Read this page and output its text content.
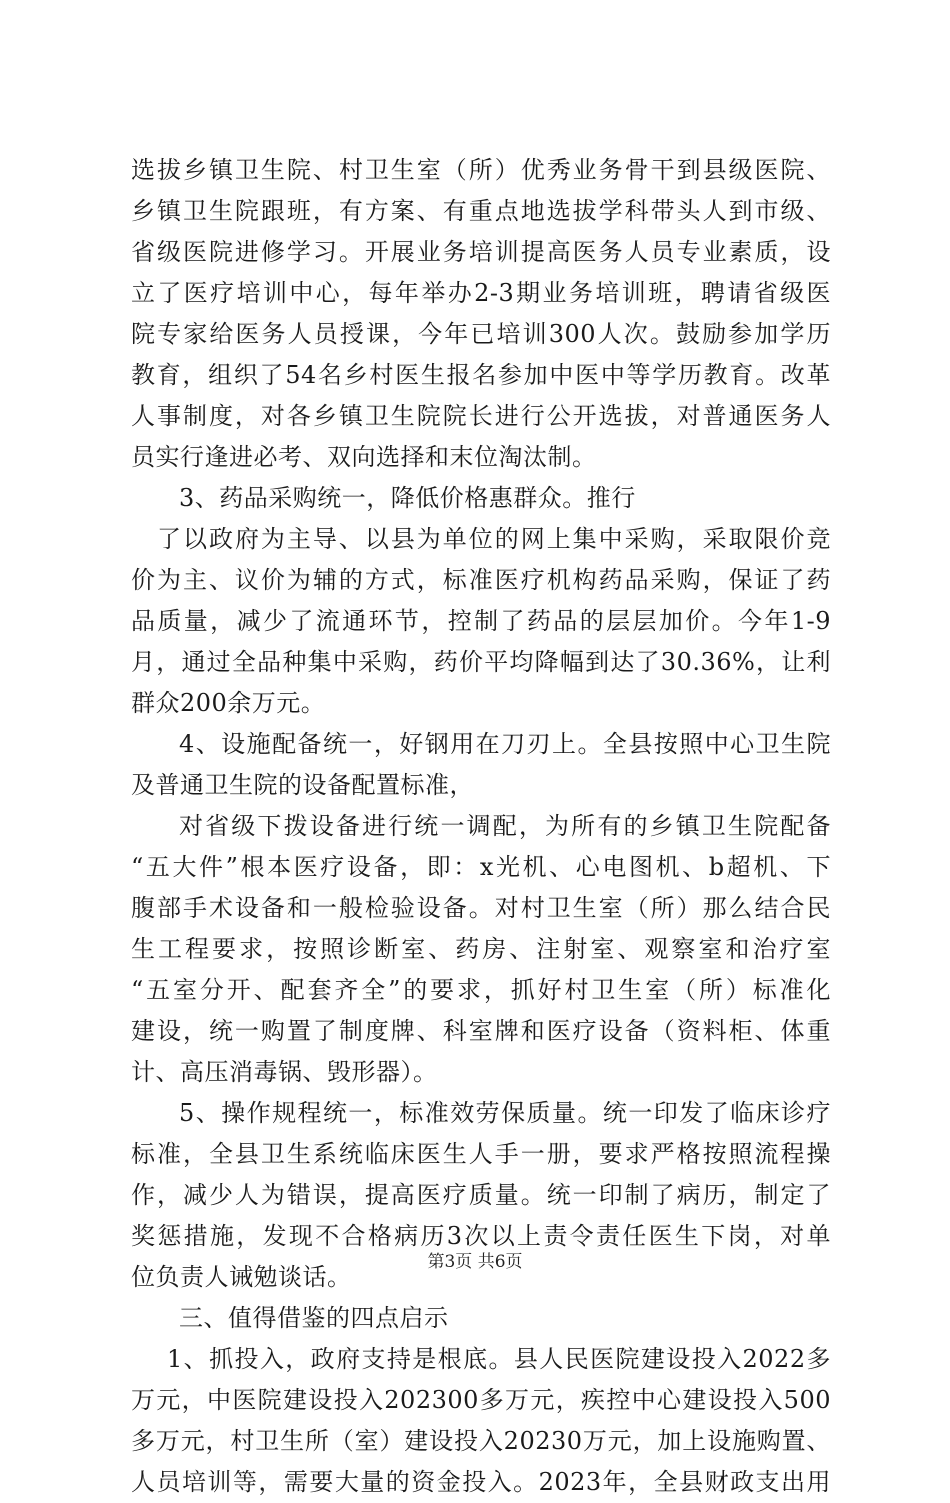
选拔乡镇卫生院、村卫生室（所）优秀业务骨干到县级医院、
乡镇卫生院跟班，有方案、有重点地选拔学科带头人到市级、
省级医院进修学习。开展业务培训提高医务人员专业素质，设
立了医疗培训中心，每年举办2-3期业务培训班，聘请省级医
院专家给医务人员授课，今年已培训300人次。鼓励参加学历
教育，组织了54名乡村医生报名参加中医中等学历教育。改革
人事制度，对各乡镇卫生院院长进行公开选拔，对普通医务人
员实行逢进必考、双向选择和末位淘汰制。
3、药品采购统一，降低价格惠群众。推行
了以政府为主导、以县为单位的网上集中采购，采取限价竞
价为主、议价为辅的方式，标准医疗机构药品采购，保证了药
品质量，减少了流通环节，控制了药品的层层加价。今年1-9
月，通过全品种集中采购，药价平均降幅到达了30.36%，让利
群众200余万元。
4、设施配备统一，好钢用在刀刃上。全县按照中心卫生院
及普通卫生院的设备配置标准，
对省级下拨设备进行统一调配，为所有的乡镇卫生院配备
“五大件”根本医疗设备，即：x光机、心电图机、b超机、下
腹部手术设备和一般检验设备。对村卫生室（所）那么结合民
生工程要求，按照诊断室、药房、注射室、观察室和治疗室
“五室分开、配套齐全”的要求，抓好村卫生室（所）标准化
建设，统一购置了制度牌、科室牌和医疗设备（资料柜、体重
计、高压消毒锅、毁形器）。
5、操作规程统一，标准效劳保质量。统一印发了临床诊疗
标准，全县卫生系统临床医生人手一册，要求严格按照流程操
作，减少人为错误，提高医疗质量。统一印制了病历，制定了
奖惩措施，发现不合格病历3次以上责令责任医生下岗，对单
位负责人诫勉谈话。
三、值得借鉴的四点启示
1、抓投入，政府支持是根底。县人民医院建设投入2022多
万元，中医院建设投入202300多万元，疾控中心建设投入500
多万元，村卫生所（室）建设投入20230万元，加上设施购置、
人员培训等，需要大量的资金投入。2023年，全县财政支出用
第3页 共6页
